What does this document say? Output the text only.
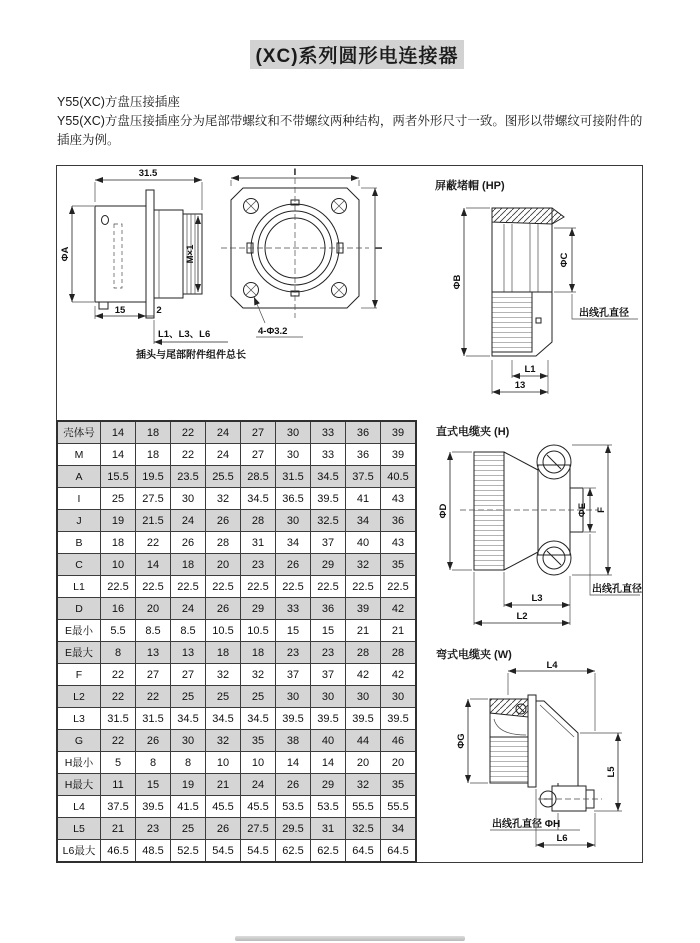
(XC)系列圆形电连接器

Y55(XC)方盘压接插座

Y55(XC)方盘压接插座分为尾部带螺纹和不带螺纹两种结构，两者外形尺寸一致。图形以带螺纹可接附件的插座为例。

31.5
ΦA	M×1
15	2
L1、L3、L6
插头与尾部附件组件总长
I
I
4-Φ3.2
屏蔽堵帽 (HP)
ΦB
ΦC
出线孔直径
L1
13
直式电缆夹 (H)
ΦD	ΦE F
出线孔直径
L3
L2
弯式电缆夹 (W)
L4
ΦG
L5
出线孔直径 ΦH
L6
壳体号	14	18	22	24	27	30	33	36	39
M	14	18	22	24	27	30	33	36	39
A	15.5	19.5	23.5	25.5	28.5	31.5	34.5	37.5	40.5
I	25	27.5	30	32	34.5	36.5	39.5	41	43
J	19	21.5	24	26	28	30	32.5	34	36
B	18	22	26	28	31	34	37	40	43
C	10	14	18	20	23	26	29	32	35
L1	22.5	22.5	22.5	22.5	22.5	22.5	22.5	22.5	22.5
D	16	20	24	26	29	33	36	39	42
E最小	5.5	8.5	8.5	10.5	10.5	15	15	21	21
E最大	8	13	13	18	18	23	23	28	28
F	22	27	27	32	32	37	37	42	42
L2	22	22	25	25	25	30	30	30	30
L3	31.5	31.5	34.5	34.5	34.5	39.5	39.5	39.5	39.5
G	22	26	30	32	35	38	40	44	46
H最小	5	8	8	10	10	14	14	20	20
H最大	11	15	19	21	24	26	29	32	35
L4	37.5	39.5	41.5	45.5	45.5	53.5	53.5	55.5	55.5
L5	21	23	25	26	27.5	29.5	31	32.5	34
L6最大	46.5	48.5	52.5	54.5	54.5	62.5	62.5	64.5	64.5
